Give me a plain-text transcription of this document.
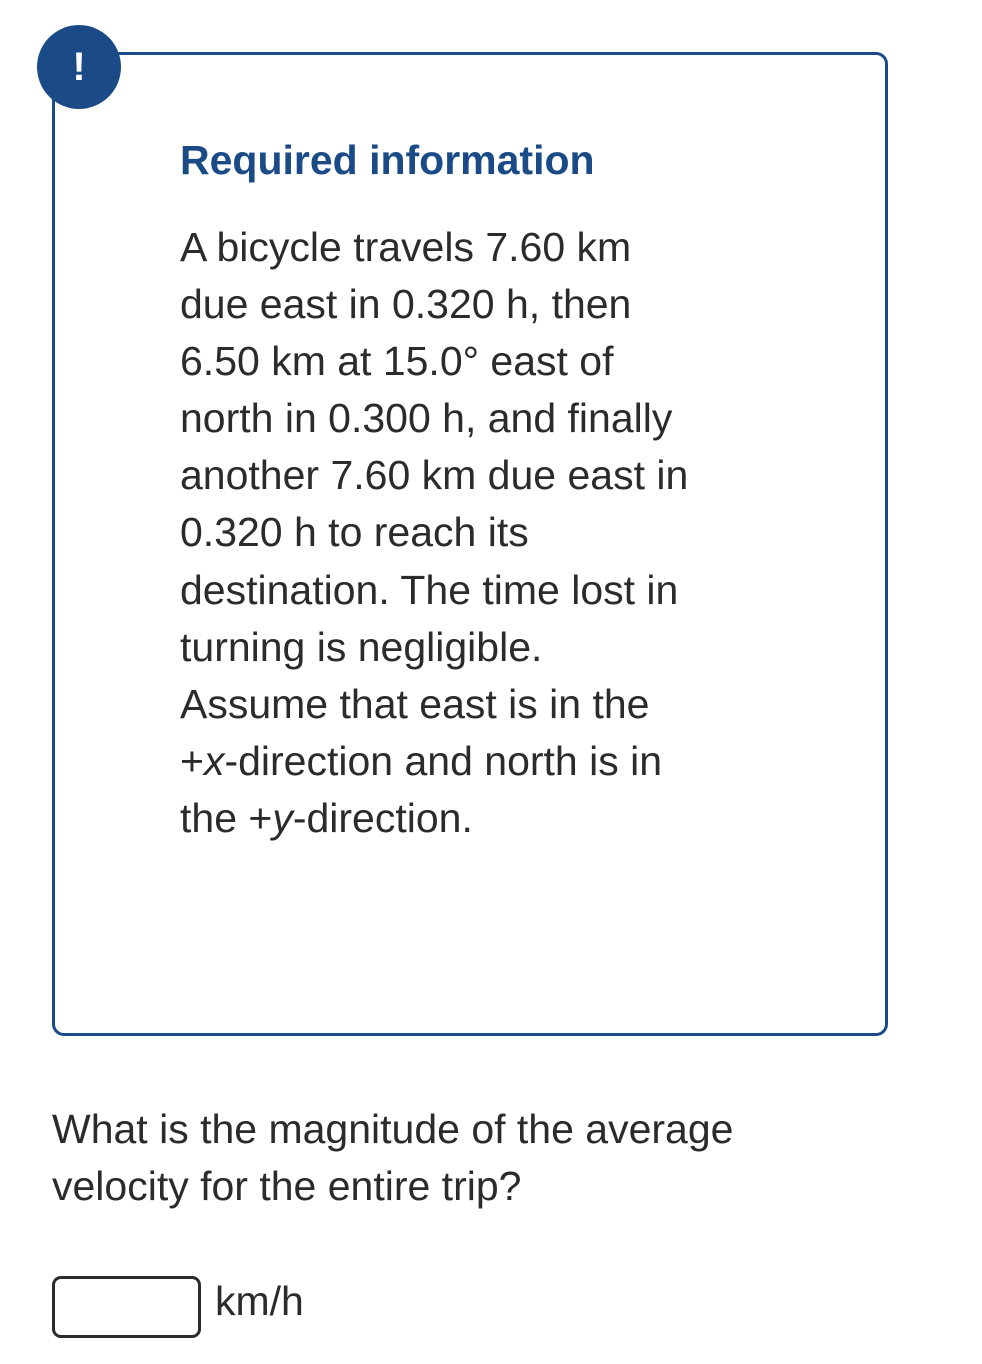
!
Required information

A bicycle travels 7.60 km
due east in 0.320 h, then
6.50 km at 15.0° east of
north in 0.300 h, and finally
another 7.60 km due east in
0.320 h to reach its
destination. The time lost in
turning is negligible.
Assume that east is in the
+x-direction and north is in
the +y-direction.

What is the magnitude of the average
velocity for the entire trip?

km/h
